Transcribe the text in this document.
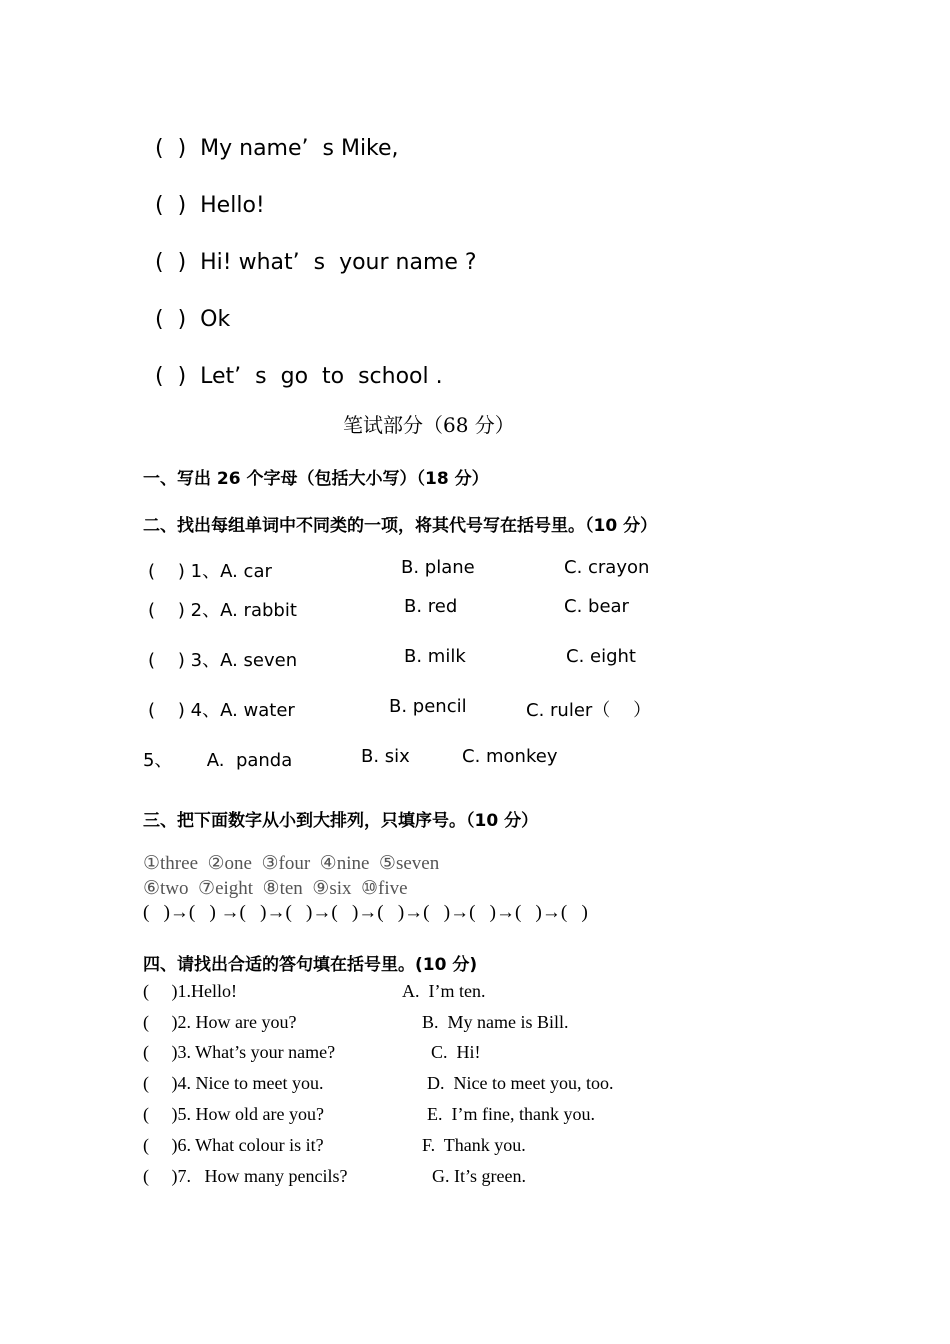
(  )  My name’  s Mike,
(  )  Hello!
(  )  Hi! what’  s  your name ?
(  )  Ok
(  )  Let’  s  go  to  school .
笔试部分（68 分）
一、写出 26 个字母（包括大小写）（18 分）
二、找出每组单词中不同类的一项，将其代号写在括号里。（10 分）
(    ) 1、A. car	B. plane	C. crayon
(    ) 2、A. rabbit	B. red	C. bear
(    ) 3、A. seven	B. milk	C. eight
(    ) 4、A. water	B. pencil	C. ruler（    ）
5、      A.  panda	B. six	C. monkey
三、把下面数字从小到大排列，只填序号。（10 分）
①three  ②one  ③four  ④nine  ⑤seven
⑥two  ⑦eight  ⑧ten  ⑨six  ⑩five
(   )→(   ) →(   )→(   )→(   )→(   )→(   )→(   )→(   )→(   )
四、请找出合适的答句填在括号里。(10 分)
(     )1.Hello!	A.  I’m ten.
(     )2. How are you?	B.  My name is Bill.
(     )3. What’s your name?	C.  Hi!
(     )4. Nice to meet you.	D.  Nice to meet you, too.
(     )5. How old are you?	E.  I’m fine, thank you.
(     )6. What colour is it?	F.  Thank you.
(     )7.   How many pencils?	G. It’s green.
